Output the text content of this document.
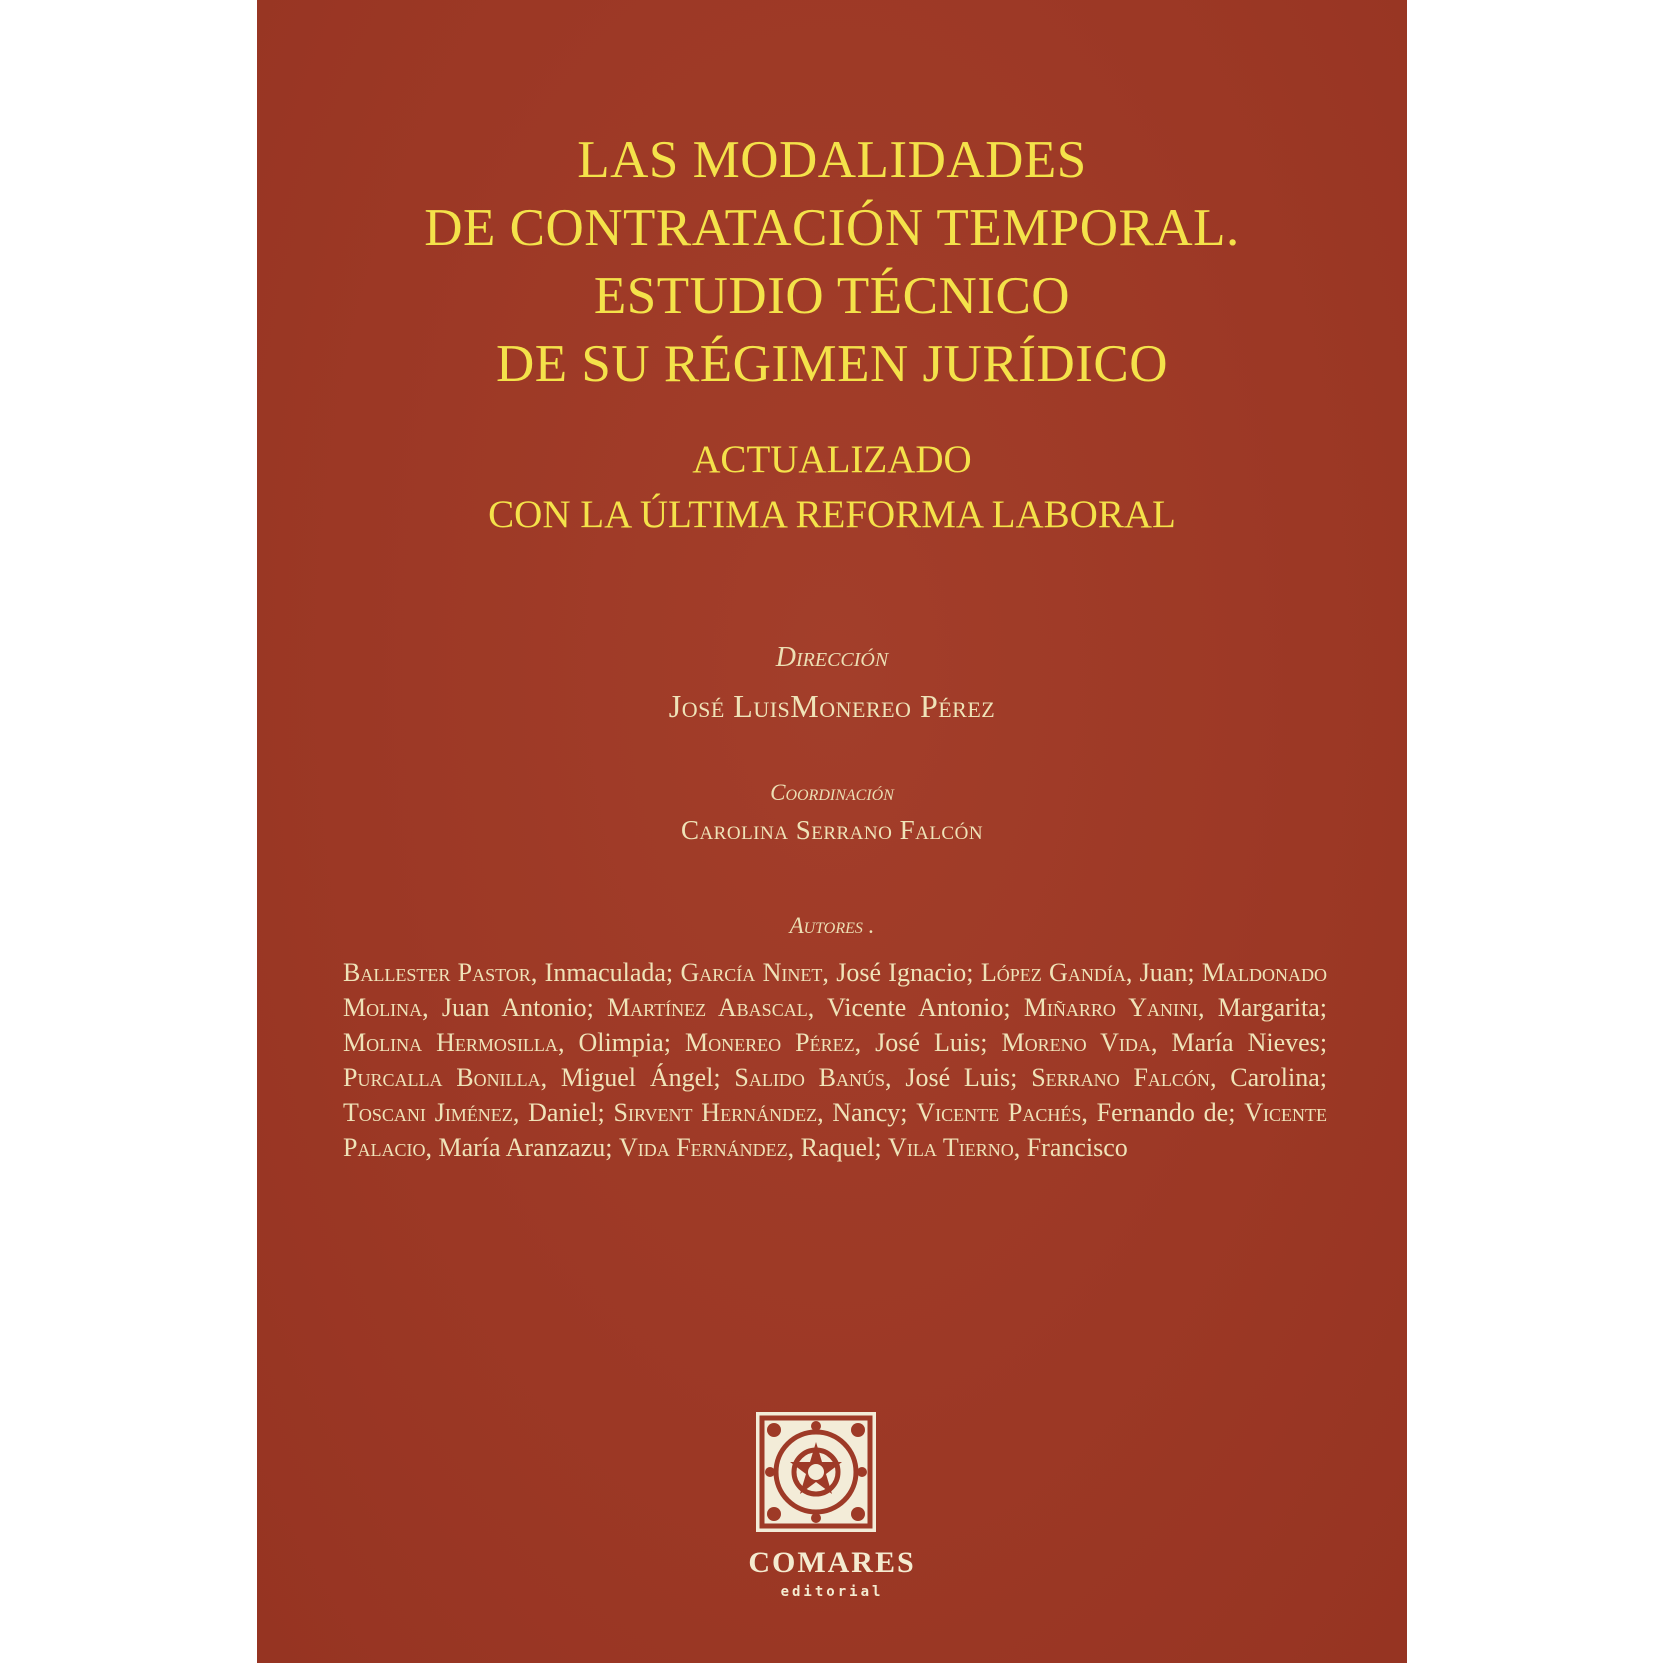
LAS MODALIDADES
DE CONTRATACIÓN TEMPORAL.
ESTUDIO TÉCNICO
DE SU RÉGIMEN JURÍDICO
ACTUALIZADO
CON LA ÚLTIMA REFORMA LABORAL
Dirección
José LuisMonereo Pérez
Coordinación
Carolina Serrano Falcón
Autores .
Ballester Pastor, Inmaculada; García Ninet, José Ignacio; López Gandía, Juan; Maldonado Molina, Juan Antonio; Martínez Abascal, Vicente Antonio; Miñarro Yanini, Margarita; Molina Hermosilla, Olimpia; Monereo Pérez, José Luis; Moreno Vida, María Nieves; Purcalla Bonilla, Miguel Ángel; Salido Banús, José Luis; Serrano Falcón, Carolina; Toscani Jiménez, Daniel; Sirvent Hernández, Nancy; Vicente Pachés, Fernando de; Vicente Palacio, María Aranzazu; Vida Fernández, Raquel; Vila Tierno, Francisco
COMARES
editorial
